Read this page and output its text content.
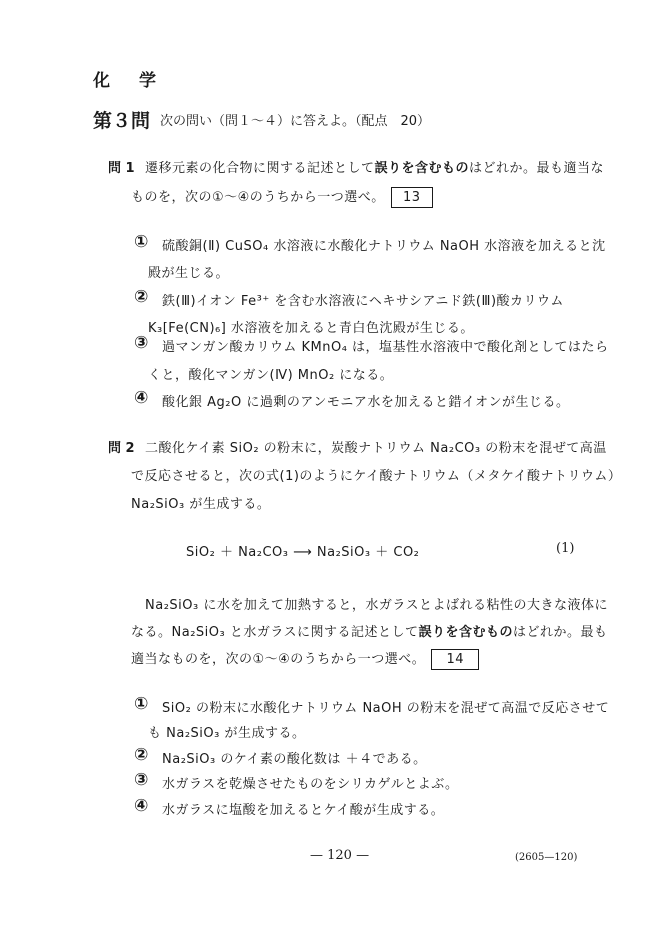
化　学
第３問 次の問い（問１～４）に答えよ。（配点　20）
問 1 遷移元素の化合物に関する記述として誤りを含むものはどれか。最も適当な
ものを，次の①～④のうちから一つ選べ。 13
① 硫酸銅(Ⅱ) CuSO₄ 水溶液に水酸化ナトリウム NaOH 水溶液を加えると沈
殿が生じる。
② 鉄(Ⅲ)イオン Fe³⁺ を含む水溶液にヘキサシアニド鉄(Ⅲ)酸カリウム
K₃[Fe(CN)₆] 水溶液を加えると青白色沈殿が生じる。
③ 過マンガン酸カリウム KMnO₄ は，塩基性水溶液中で酸化剤としてはたら
くと，酸化マンガン(Ⅳ) MnO₂ になる。
④ 酸化銀 Ag₂O に過剰のアンモニア水を加えると錯イオンが生じる。
問 2 二酸化ケイ素 SiO₂ の粉末に，炭酸ナトリウム Na₂CO₃ の粉末を混ぜて高温
で反応させると，次の式(1)のようにケイ酸ナトリウム（メタケイ酸ナトリウム）
Na₂SiO₃ が生成する。
SiO₂ ＋ Na₂CO₃ ⟶ Na₂SiO₃ ＋ CO₂	(1)
Na₂SiO₃ に水を加えて加熱すると，水ガラスとよばれる粘性の大きな液体に
なる。Na₂SiO₃ と水ガラスに関する記述として誤りを含むものはどれか。最も
適当なものを，次の①～④のうちから一つ選べ。 14
① SiO₂ の粉末に水酸化ナトリウム NaOH の粉末を混ぜて高温で反応させて
も Na₂SiO₃ が生成する。
② Na₂SiO₃ のケイ素の酸化数は ＋４である。
③ 水ガラスを乾燥させたものをシリカゲルとよぶ。
④ 水ガラスに塩酸を加えるとケイ酸が生成する。
— 120 —	(2605—120)
